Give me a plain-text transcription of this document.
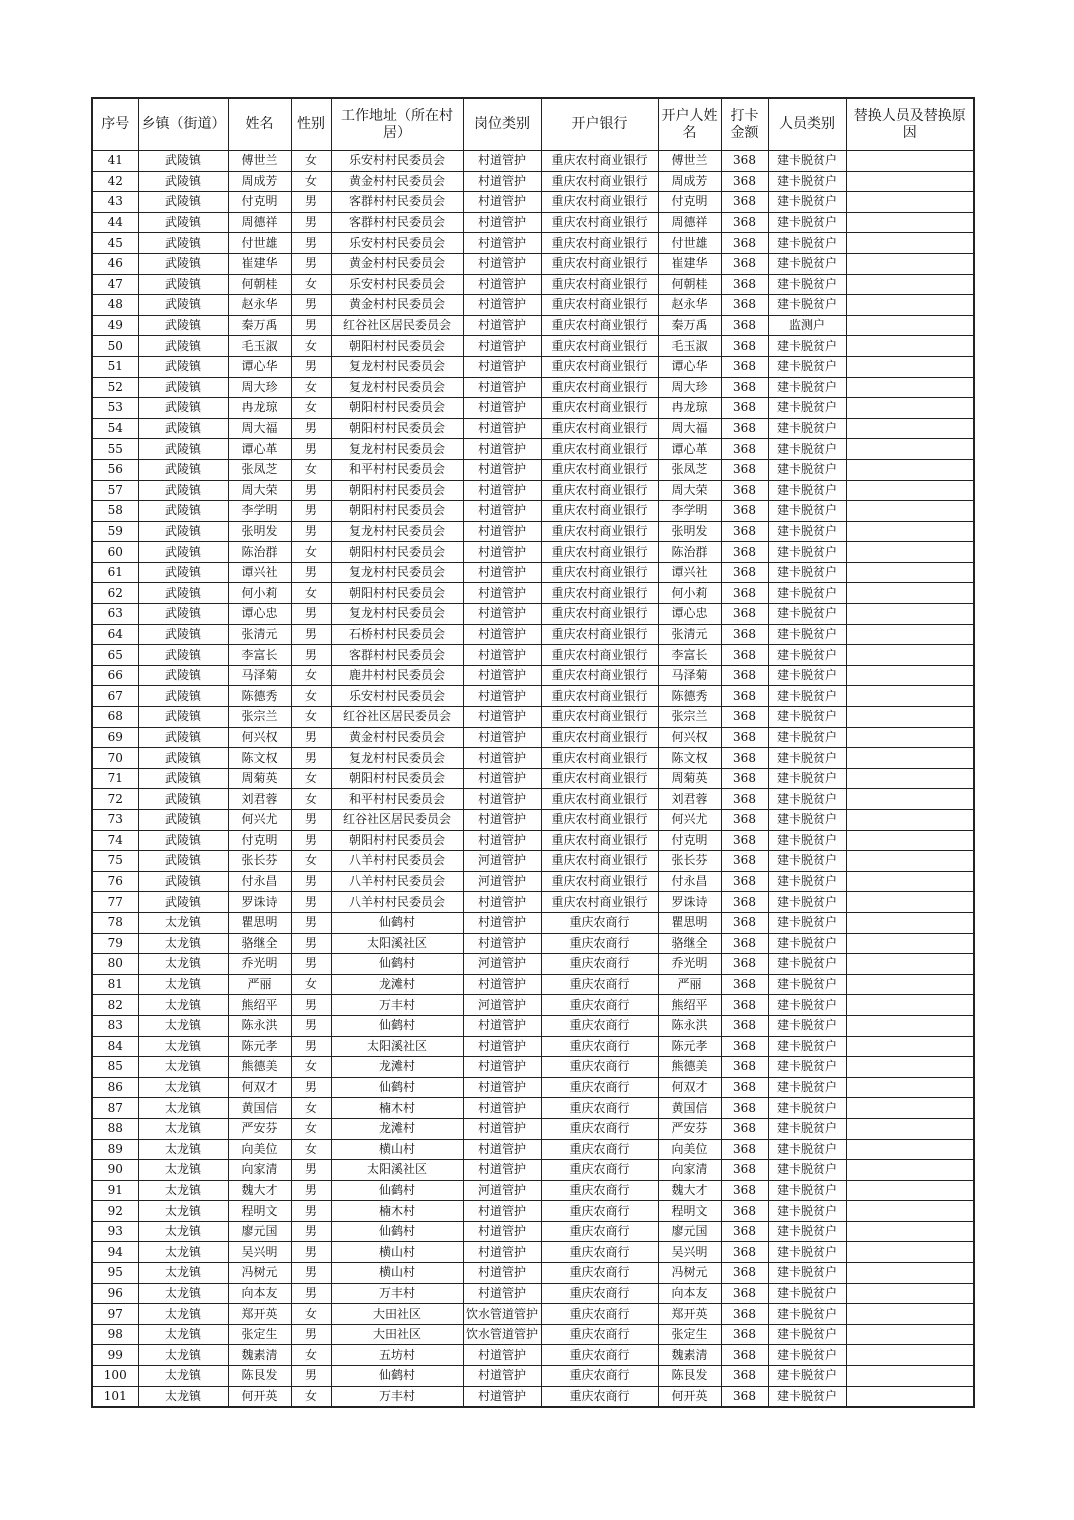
序号	乡镇（街道）	姓名	性别	工作地址（所在村居）	岗位类别	开户银行	开户人姓名	打卡金额	人员类别	替换人员及替换原因
41	武陵镇	傅世兰	女	乐安村村民委员会	村道管护	重庆农村商业银行	傅世兰	368	建卡脱贫户	
42	武陵镇	周成芳	女	黄金村村民委员会	村道管护	重庆农村商业银行	周成芳	368	建卡脱贫户	
43	武陵镇	付克明	男	客群村村民委员会	村道管护	重庆农村商业银行	付克明	368	建卡脱贫户	
44	武陵镇	周德祥	男	客群村村民委员会	村道管护	重庆农村商业银行	周德祥	368	建卡脱贫户	
45	武陵镇	付世雄	男	乐安村村民委员会	村道管护	重庆农村商业银行	付世雄	368	建卡脱贫户	
46	武陵镇	崔建华	男	黄金村村民委员会	村道管护	重庆农村商业银行	崔建华	368	建卡脱贫户	
47	武陵镇	何朝桂	女	乐安村村民委员会	村道管护	重庆农村商业银行	何朝桂	368	建卡脱贫户	
48	武陵镇	赵永华	男	黄金村村民委员会	村道管护	重庆农村商业银行	赵永华	368	建卡脱贫户	
49	武陵镇	秦万禹	男	红谷社区居民委员会	村道管护	重庆农村商业银行	秦万禹	368	监测户	
50	武陵镇	毛玉淑	女	朝阳村村民委员会	村道管护	重庆农村商业银行	毛玉淑	368	建卡脱贫户	
51	武陵镇	谭心华	男	复龙村村民委员会	村道管护	重庆农村商业银行	谭心华	368	建卡脱贫户	
52	武陵镇	周大珍	女	复龙村村民委员会	村道管护	重庆农村商业银行	周大珍	368	建卡脱贫户	
53	武陵镇	冉龙琼	女	朝阳村村民委员会	村道管护	重庆农村商业银行	冉龙琼	368	建卡脱贫户	
54	武陵镇	周大福	男	朝阳村村民委员会	村道管护	重庆农村商业银行	周大福	368	建卡脱贫户	
55	武陵镇	谭心革	男	复龙村村民委员会	村道管护	重庆农村商业银行	谭心革	368	建卡脱贫户	
56	武陵镇	张凤芝	女	和平村村民委员会	村道管护	重庆农村商业银行	张凤芝	368	建卡脱贫户	
57	武陵镇	周大荣	男	朝阳村村民委员会	村道管护	重庆农村商业银行	周大荣	368	建卡脱贫户	
58	武陵镇	李学明	男	朝阳村村民委员会	村道管护	重庆农村商业银行	李学明	368	建卡脱贫户	
59	武陵镇	张明发	男	复龙村村民委员会	村道管护	重庆农村商业银行	张明发	368	建卡脱贫户	
60	武陵镇	陈治群	女	朝阳村村民委员会	村道管护	重庆农村商业银行	陈治群	368	建卡脱贫户	
61	武陵镇	谭兴社	男	复龙村村民委员会	村道管护	重庆农村商业银行	谭兴社	368	建卡脱贫户	
62	武陵镇	何小莉	女	朝阳村村民委员会	村道管护	重庆农村商业银行	何小莉	368	建卡脱贫户	
63	武陵镇	谭心忠	男	复龙村村民委员会	村道管护	重庆农村商业银行	谭心忠	368	建卡脱贫户	
64	武陵镇	张清元	男	石桥村村民委员会	村道管护	重庆农村商业银行	张清元	368	建卡脱贫户	
65	武陵镇	李富长	男	客群村村民委员会	村道管护	重庆农村商业银行	李富长	368	建卡脱贫户	
66	武陵镇	马泽菊	女	鹿井村村民委员会	村道管护	重庆农村商业银行	马泽菊	368	建卡脱贫户	
67	武陵镇	陈德秀	女	乐安村村民委员会	村道管护	重庆农村商业银行	陈德秀	368	建卡脱贫户	
68	武陵镇	张宗兰	女	红谷社区居民委员会	村道管护	重庆农村商业银行	张宗兰	368	建卡脱贫户	
69	武陵镇	何兴权	男	黄金村村民委员会	村道管护	重庆农村商业银行	何兴权	368	建卡脱贫户	
70	武陵镇	陈文权	男	复龙村村民委员会	村道管护	重庆农村商业银行	陈文权	368	建卡脱贫户	
71	武陵镇	周菊英	女	朝阳村村民委员会	村道管护	重庆农村商业银行	周菊英	368	建卡脱贫户	
72	武陵镇	刘君蓉	女	和平村村民委员会	村道管护	重庆农村商业银行	刘君蓉	368	建卡脱贫户	
73	武陵镇	何兴尤	男	红谷社区居民委员会	村道管护	重庆农村商业银行	何兴尤	368	建卡脱贫户	
74	武陵镇	付克明	男	朝阳村村民委员会	村道管护	重庆农村商业银行	付克明	368	建卡脱贫户	
75	武陵镇	张长芬	女	八羊村村民委员会	河道管护	重庆农村商业银行	张长芬	368	建卡脱贫户	
76	武陵镇	付永昌	男	八羊村村民委员会	河道管护	重庆农村商业银行	付永昌	368	建卡脱贫户	
77	武陵镇	罗诛诗	男	八羊村村民委员会	村道管护	重庆农村商业银行	罗诛诗	368	建卡脱贫户	
78	太龙镇	瞿思明	男	仙鹤村	村道管护	重庆农商行	瞿思明	368	建卡脱贫户	
79	太龙镇	骆继全	男	太阳溪社区	村道管护	重庆农商行	骆继全	368	建卡脱贫户	
80	太龙镇	乔光明	男	仙鹤村	河道管护	重庆农商行	乔光明	368	建卡脱贫户	
81	太龙镇	严丽	女	龙滩村	村道管护	重庆农商行	严丽	368	建卡脱贫户	
82	太龙镇	熊绍平	男	万丰村	河道管护	重庆农商行	熊绍平	368	建卡脱贫户	
83	太龙镇	陈永洪	男	仙鹤村	村道管护	重庆农商行	陈永洪	368	建卡脱贫户	
84	太龙镇	陈元孝	男	太阳溪社区	村道管护	重庆农商行	陈元孝	368	建卡脱贫户	
85	太龙镇	熊德美	女	龙滩村	村道管护	重庆农商行	熊德美	368	建卡脱贫户	
86	太龙镇	何双才	男	仙鹤村	村道管护	重庆农商行	何双才	368	建卡脱贫户	
87	太龙镇	黄国信	女	楠木村	村道管护	重庆农商行	黄国信	368	建卡脱贫户	
88	太龙镇	严安芬	女	龙滩村	村道管护	重庆农商行	严安芬	368	建卡脱贫户	
89	太龙镇	向美位	女	横山村	村道管护	重庆农商行	向美位	368	建卡脱贫户	
90	太龙镇	向家清	男	太阳溪社区	村道管护	重庆农商行	向家清	368	建卡脱贫户	
91	太龙镇	魏大才	男	仙鹤村	河道管护	重庆农商行	魏大才	368	建卡脱贫户	
92	太龙镇	程明文	男	楠木村	村道管护	重庆农商行	程明文	368	建卡脱贫户	
93	太龙镇	廖元国	男	仙鹤村	村道管护	重庆农商行	廖元国	368	建卡脱贫户	
94	太龙镇	吴兴明	男	横山村	村道管护	重庆农商行	吴兴明	368	建卡脱贫户	
95	太龙镇	冯树元	男	横山村	村道管护	重庆农商行	冯树元	368	建卡脱贫户	
96	太龙镇	向本友	男	万丰村	村道管护	重庆农商行	向本友	368	建卡脱贫户	
97	太龙镇	郑开英	女	大田社区	饮水管道管护	重庆农商行	郑开英	368	建卡脱贫户	
98	太龙镇	张定生	男	大田社区	饮水管道管护	重庆农商行	张定生	368	建卡脱贫户	
99	太龙镇	魏素清	女	五坊村	村道管护	重庆农商行	魏素清	368	建卡脱贫户	
100	太龙镇	陈艮发	男	仙鹤村	村道管护	重庆农商行	陈艮发	368	建卡脱贫户	
101	太龙镇	何开英	女	万丰村	村道管护	重庆农商行	何开英	368	建卡脱贫户	
